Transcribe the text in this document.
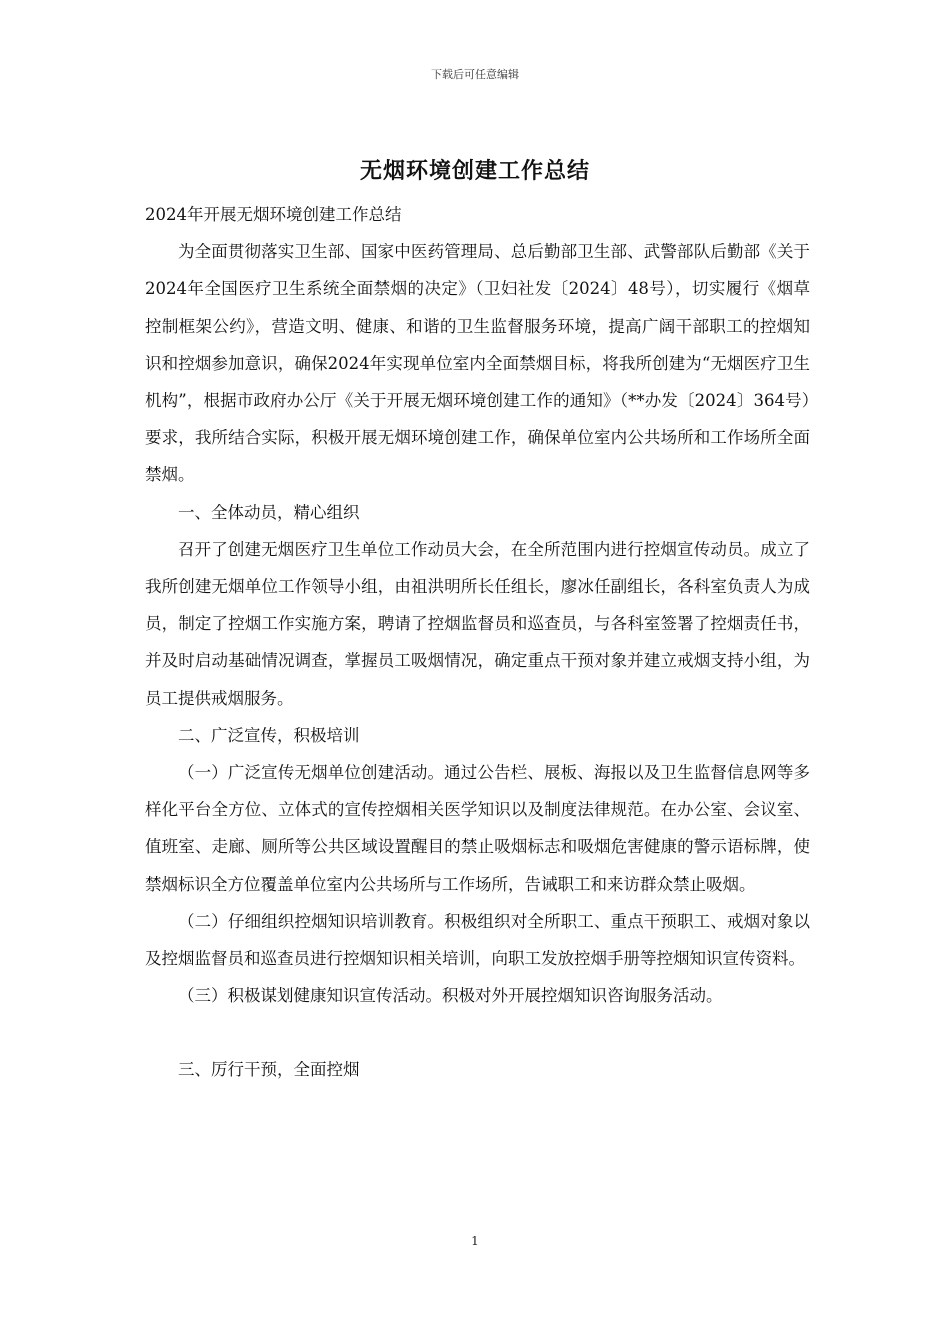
下载后可任意编辑
无烟环境创建工作总结

2024年开展无烟环境创建工作总结

为全面贯彻落实卫生部、国家中医药管理局、总后勤部卫生部、武警部队后勤部《关于2024年全国医疗卫生系统全面禁烟的决定》（卫妇社发〔2024〕48号），切实履行《烟草控制框架公约》，营造文明、健康、和谐的卫生监督服务环境，提高广阔干部职工的控烟知识和控烟参加意识，确保2024年实现单位室内全面禁烟目标，将我所创建为“无烟医疗卫生机构”，根据市政府办公厅《关于开展无烟环境创建工作的通知》（**办发〔2024〕364号）要求，我所结合实际，积极开展无烟环境创建工作，确保单位室内公共场所和工作场所全面禁烟。

一、全体动员，精心组织

召开了创建无烟医疗卫生单位工作动员大会，在全所范围内进行控烟宣传动员。成立了我所创建无烟单位工作领导小组，由祖洪明所长任组长，廖冰任副组长，各科室负责人为成员，制定了控烟工作实施方案，聘请了控烟监督员和巡查员，与各科室签署了控烟责任书，并及时启动基础情况调查，掌握员工吸烟情况，确定重点干预对象并建立戒烟支持小组，为员工提供戒烟服务。

二、广泛宣传，积极培训

（一）广泛宣传无烟单位创建活动。通过公告栏、展板、海报以及卫生监督信息网等多样化平台全方位、立体式的宣传控烟相关医学知识以及制度法律规范。在办公室、会议室、值班室、走廊、厕所等公共区域设置醒目的禁止吸烟标志和吸烟危害健康的警示语标牌，使禁烟标识全方位覆盖单位室内公共场所与工作场所，告诫职工和来访群众禁止吸烟。

（二）仔细组织控烟知识培训教育。积极组织对全所职工、重点干预职工、戒烟对象以及控烟监督员和巡查员进行控烟知识相关培训，向职工发放控烟手册等控烟知识宣传资料。

（三）积极谋划健康知识宣传活动。积极对外开展控烟知识咨询服务活动。

三、厉行干预，全面控烟

1
